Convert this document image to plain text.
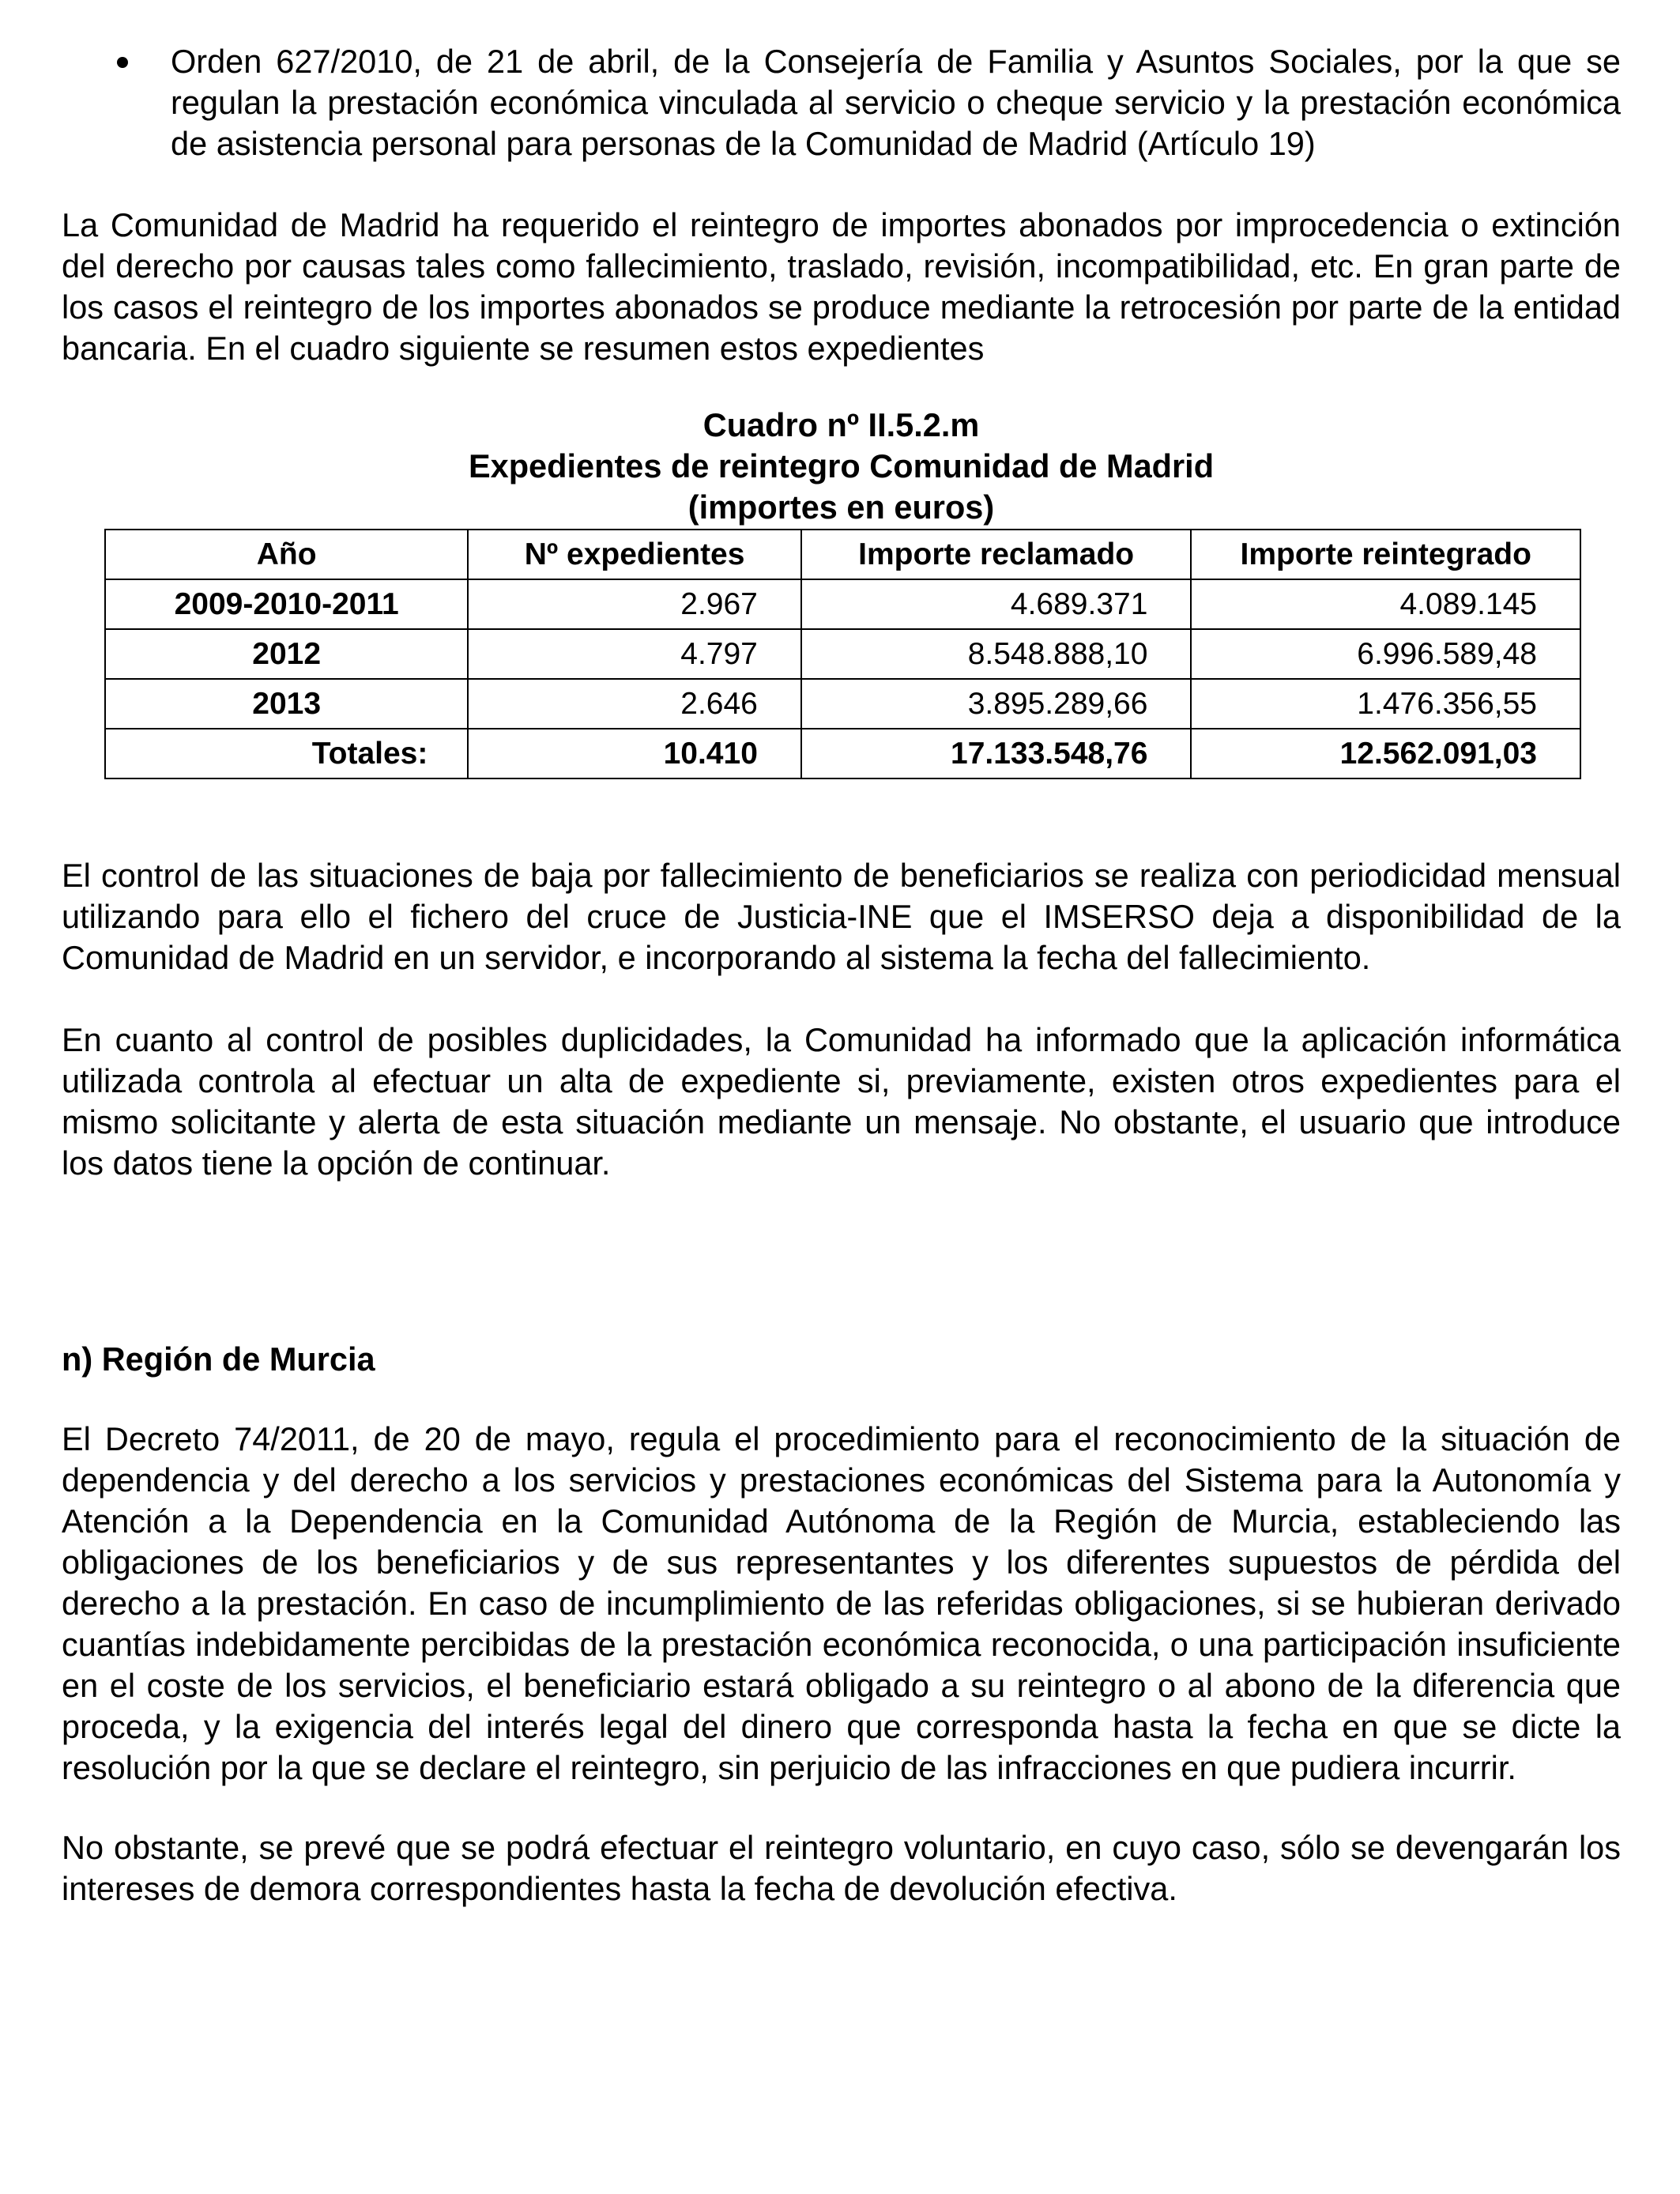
Orden 627/2010, de 21 de abril, de la Consejería de Familia y Asuntos Sociales, por la que se regulan la prestación económica vinculada al servicio o cheque servicio y la prestación económica de asistencia personal para personas de la Comunidad de Madrid (Artículo 19)

La Comunidad de Madrid ha requerido el reintegro de importes abonados por improcedencia o extinción del derecho por causas tales como fallecimiento, traslado, revisión, incompatibilidad, etc. En gran parte de los casos el reintegro de los importes abonados se produce mediante la retrocesión por parte de la entidad bancaria. En el cuadro siguiente se resumen estos expedientes

Cuadro nº II.5.2.m

Expedientes de reintegro Comunidad de Madrid

(importes en euros)

Año	Nº expedientes	Importe reclamado	Importe reintegrado
2009-2010-2011	2.967	4.689.371	4.089.145
2012	4.797	8.548.888,10	6.996.589,48
2013	2.646	3.895.289,66	1.476.356,55
Totales:	10.410	17.133.548,76	12.562.091,03

El control de las situaciones de baja por fallecimiento de beneficiarios se realiza con periodicidad mensual utilizando para ello el fichero del cruce de Justicia-INE que el IMSERSO deja a disponibilidad de la Comunidad de Madrid en un servidor, e incorporando al sistema la fecha del fallecimiento.

En cuanto al control de posibles duplicidades, la Comunidad ha informado que la aplicación informática utilizada controla al efectuar un alta de expediente si, previamente, existen otros expedientes para el mismo solicitante y alerta de esta situación mediante un mensaje. No obstante, el usuario que introduce los datos tiene la opción de continuar.

n) Región de Murcia

El Decreto 74/2011, de 20 de mayo, regula el procedimiento para el reconocimiento de la situación de dependencia y del derecho a los servicios y prestaciones económicas del Sistema para la Autonomía y Atención a la Dependencia en la Comunidad Autónoma de la Región de Murcia, estableciendo las obligaciones de los beneficiarios y de sus representantes y los diferentes supuestos de pérdida del derecho a la prestación. En caso de incumplimiento de las referidas obligaciones, si se hubieran derivado cuantías indebidamente percibidas de la prestación económica reconocida, o una participación insuficiente en el coste de los servicios, el beneficiario estará obligado a su reintegro o al abono de la diferencia que proceda, y la exigencia del interés legal del dinero que corresponda hasta la fecha en que se dicte la resolución por la que se declare el reintegro, sin perjuicio de las infracciones en que pudiera incurrir.

No obstante, se prevé que se podrá efectuar el reintegro voluntario, en cuyo caso, sólo se devengarán los intereses de demora correspondientes hasta la fecha de devolución efectiva.
